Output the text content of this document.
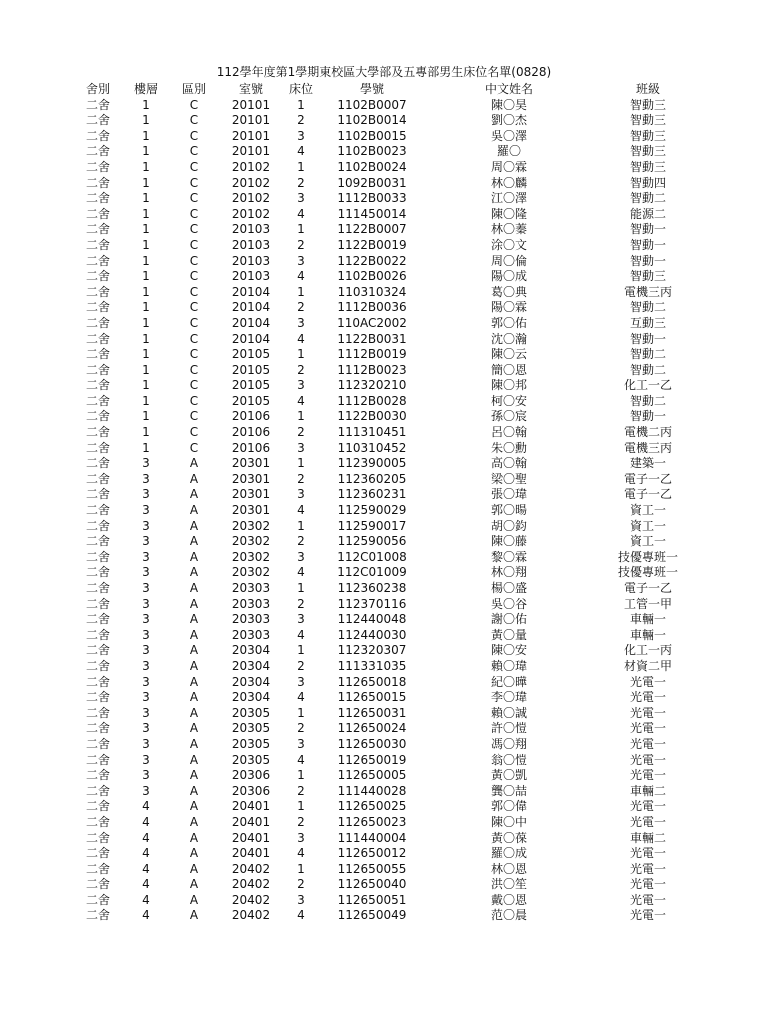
112學年度第1學期東校區大學部及五專部男生床位名單(0828)
舍別	樓層	區別	室號	床位	學號	中文姓名	班級
二舍	1	C	20101	1	1102B0007	陳〇昊	智動三
二舍	1	C	20101	2	1102B0014	劉〇杰	智動三
二舍	1	C	20101	3	1102B0015	吳〇澤	智動三
二舍	1	C	20101	4	1102B0023	羅〇	智動三
二舍	1	C	20102	1	1102B0024	周〇霖	智動三
二舍	1	C	20102	2	1092B0031	林〇麟	智動四
二舍	1	C	20102	3	1112B0033	江〇澤	智動二
二舍	1	C	20102	4	111450014	陳〇隆	能源二
二舍	1	C	20103	1	1122B0007	林〇蓁	智動一
二舍	1	C	20103	2	1122B0019	涂〇文	智動一
二舍	1	C	20103	3	1122B0022	周〇倫	智動一
二舍	1	C	20103	4	1102B0026	陽〇成	智動三
二舍	1	C	20104	1	110310324	葛〇典	電機三丙
二舍	1	C	20104	2	1112B0036	陽〇霖	智動二
二舍	1	C	20104	3	110AC2002	郭〇佑	互動三
二舍	1	C	20104	4	1122B0031	沈〇瀚	智動一
二舍	1	C	20105	1	1112B0019	陳〇云	智動二
二舍	1	C	20105	2	1112B0023	簡〇恩	智動二
二舍	1	C	20105	3	112320210	陳〇邦	化工一乙
二舍	1	C	20105	4	1112B0028	柯〇安	智動二
二舍	1	C	20106	1	1122B0030	孫〇宸	智動一
二舍	1	C	20106	2	111310451	呂〇翰	電機二丙
二舍	1	C	20106	3	110310452	朱〇勳	電機三丙
二舍	3	A	20301	1	112390005	高〇翰	建築一
二舍	3	A	20301	2	112360205	梁〇聖	電子一乙
二舍	3	A	20301	3	112360231	張〇瑋	電子一乙
二舍	3	A	20301	4	112590029	郭〇暘	資工一
二舍	3	A	20302	1	112590017	胡〇鈞	資工一
二舍	3	A	20302	2	112590056	陳〇藤	資工一
二舍	3	A	20302	3	112C01008	黎〇霖	技優專班一
二舍	3	A	20302	4	112C01009	林〇翔	技優專班一
二舍	3	A	20303	1	112360238	楊〇盛	電子一乙
二舍	3	A	20303	2	112370116	吳〇谷	工管一甲
二舍	3	A	20303	3	112440048	謝〇佑	車輛一
二舍	3	A	20303	4	112440030	黃〇量	車輛一
二舍	3	A	20304	1	112320307	陳〇安	化工一丙
二舍	3	A	20304	2	111331035	賴〇瑋	材資二甲
二舍	3	A	20304	3	112650018	紀〇曄	光電一
二舍	3	A	20304	4	112650015	李〇瑋	光電一
二舍	3	A	20305	1	112650031	賴〇誠	光電一
二舍	3	A	20305	2	112650024	許〇愷	光電一
二舍	3	A	20305	3	112650030	馮〇翔	光電一
二舍	3	A	20305	4	112650019	翁〇愷	光電一
二舍	3	A	20306	1	112650005	黃〇凱	光電一
二舍	3	A	20306	2	111440028	龔〇喆	車輛二
二舍	4	A	20401	1	112650025	郭〇偉	光電一
二舍	4	A	20401	2	112650023	陳〇中	光電一
二舍	4	A	20401	3	111440004	黃〇葆	車輛二
二舍	4	A	20401	4	112650012	羅〇成	光電一
二舍	4	A	20402	1	112650055	林〇恩	光電一
二舍	4	A	20402	2	112650040	洪〇笙	光電一
二舍	4	A	20402	3	112650051	戴〇恩	光電一
二舍	4	A	20402	4	112650049	范〇晨	光電一
